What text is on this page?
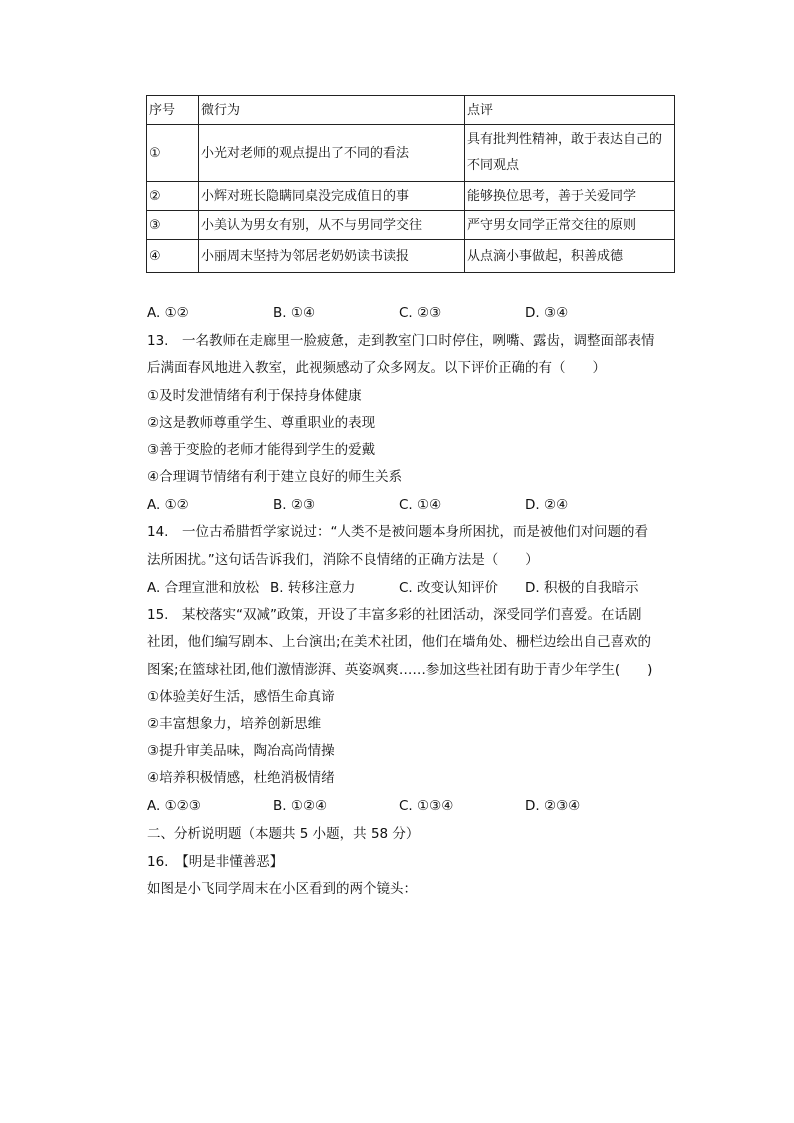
序号	微行为	点评
①	小光对老师的观点提出了不同的看法	具有批判性精神，敢于表达自己的
不同观点

②	小辉对班长隐瞒同桌没完成值日的事	能够换位思考，善于关爱同学
③	小美认为男女有别，从不与男同学交往	严守男女同学正常交往的原则
④	小丽周末坚持为邻居老奶奶读书读报	从点滴小事做起，积善成德
A. ①②	B. ①④	C. ②③	D. ③④
13.　一名教师在走廊里一脸疲惫，走到教室门口时停住，咧嘴、露齿，调整面部表情
后满面春风地进入教室，此视频感动了众多网友。以下评价正确的有（　　）
①及时发泄情绪有利于保持身体健康
②这是教师尊重学生、尊重职业的表现
③善于变脸的老师才能得到学生的爱戴
④合理调节情绪有利于建立良好的师生关系
A. ①②	B. ②③	C. ①④	D. ②④
14.　一位古希腊哲学家说过：“人类不是被问题本身所困扰，而是被他们对问题的看
法所困扰。”这句话告诉我们，消除不良情绪的正确方法是（　　）
A. 合理宣泄和放松 B. 转移注意力	C. 改变认知评价 D. 积极的自我暗示
15.　某校落实“双减”政策，开设了丰富多彩的社团活动，深受同学们喜爱。在话剧
社团，他们编写剧本、上台演出;在美术社团，他们在墙角处、栅栏边绘出自己喜欢的
图案;在篮球社团,他们激情澎湃、英姿飒爽……参加这些社团有助于青少年学生(　　)
①体验美好生活，感悟生命真谛
②丰富想象力，培养创新思维
③提升审美品味，陶冶高尚情操
④培养积极情感，杜绝消极情绪
A. ①②③	B. ①②④	C. ①③④	D. ②③④
二、分析说明题（本题共 5 小题，共 58 分）
16.　【明是非懂善恶】
如图是小飞同学周末在小区看到的两个镜头：
